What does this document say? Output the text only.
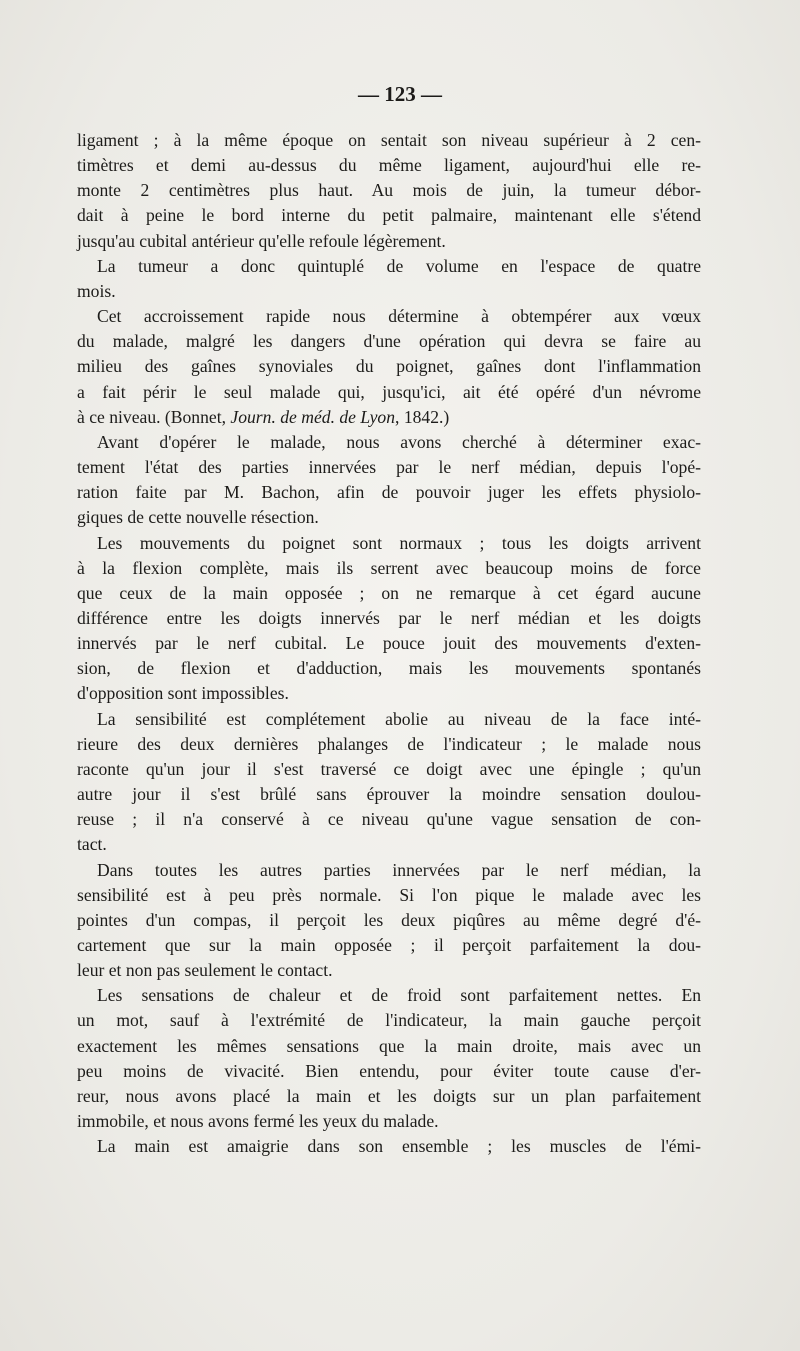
— 123 —
ligament ; à la même époque on sentait son niveau supérieur à 2 cen-
timètres et demi au-dessus du même ligament, aujourd'hui elle re-
monte 2 centimètres plus haut. Au mois de juin, la tumeur débor-
dait à peine le bord interne du petit palmaire, maintenant elle s'étend
jusqu'au cubital antérieur qu'elle refoule légèrement.
La tumeur a donc quintuplé de volume en l'espace de quatre
mois.
Cet accroissement rapide nous détermine à obtempérer aux vœux
du malade, malgré les dangers d'une opération qui devra se faire au
milieu des gaînes synoviales du poignet, gaînes dont l'inflammation
a fait périr le seul malade qui, jusqu'ici, ait été opéré d'un névrome
à ce niveau. (Bonnet, Journ. de méd. de Lyon, 1842.)
Avant d'opérer le malade, nous avons cherché à déterminer exac-
tement l'état des parties innervées par le nerf médian, depuis l'opé-
ration faite par M. Bachon, afin de pouvoir juger les effets physiolo-
giques de cette nouvelle résection.
Les mouvements du poignet sont normaux ; tous les doigts arrivent
à la flexion complète, mais ils serrent avec beaucoup moins de force
que ceux de la main opposée ; on ne remarque à cet égard aucune
différence entre les doigts innervés par le nerf médian et les doigts
innervés par le nerf cubital. Le pouce jouit des mouvements d'exten-
sion, de flexion et d'adduction, mais les mouvements spontanés
d'opposition sont impossibles.
La sensibilité est complétement abolie au niveau de la face inté-
rieure des deux dernières phalanges de l'indicateur ; le malade nous
raconte qu'un jour il s'est traversé ce doigt avec une épingle ; qu'un
autre jour il s'est brûlé sans éprouver la moindre sensation doulou-
reuse ; il n'a conservé à ce niveau qu'une vague sensation de con-
tact.
Dans toutes les autres parties innervées par le nerf médian, la
sensibilité est à peu près normale. Si l'on pique le malade avec les
pointes d'un compas, il perçoit les deux piqûres au même degré d'é-
cartement que sur la main opposée ; il perçoit parfaitement la dou-
leur et non pas seulement le contact.
Les sensations de chaleur et de froid sont parfaitement nettes. En
un mot, sauf à l'extrémité de l'indicateur, la main gauche perçoit
exactement les mêmes sensations que la main droite, mais avec un
peu moins de vivacité. Bien entendu, pour éviter toute cause d'er-
reur, nous avons placé la main et les doigts sur un plan parfaitement
immobile, et nous avons fermé les yeux du malade.
La main est amaigrie dans son ensemble ; les muscles de l'émi-
